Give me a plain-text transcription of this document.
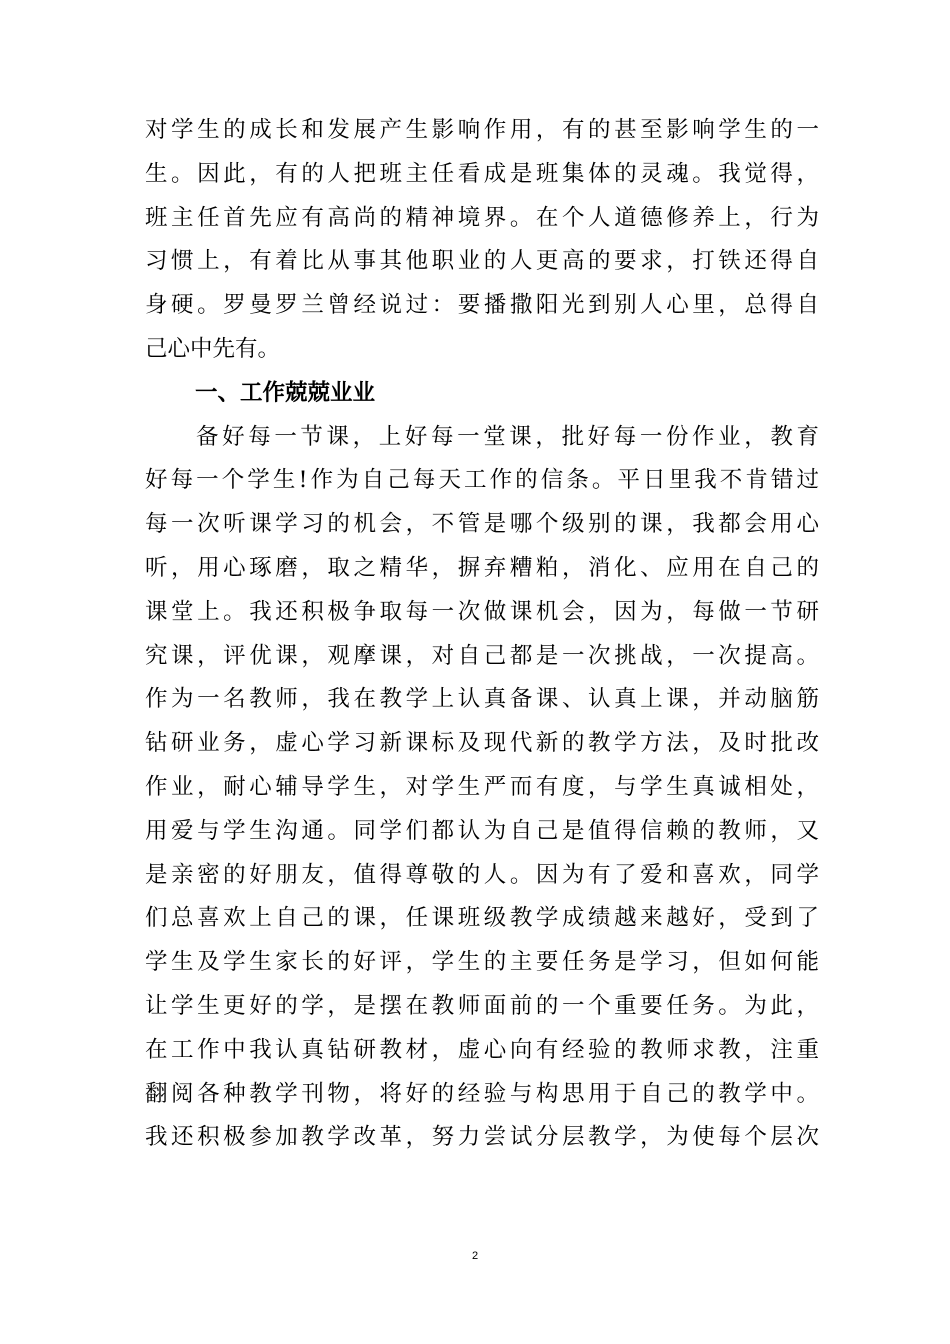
对学生的成长和发展产生影响作用，有的甚至影响学生的一
生。因此，有的人把班主任看成是班集体的灵魂。我觉得，
班主任首先应有高尚的精神境界。在个人道德修养上，行为
习惯上，有着比从事其他职业的人更高的要求，打铁还得自
身硬。罗曼罗兰曾经说过：要播撒阳光到别人心里，总得自
己心中先有。
一、工作兢兢业业
备好每一节课，上好每一堂课，批好每一份作业，教育
好每一个学生!作为自己每天工作的信条。平日里我不肯错过
每一次听课学习的机会，不管是哪个级别的课，我都会用心
听，用心琢磨，取之精华，摒弃糟粕，消化、应用在自己的
课堂上。我还积极争取每一次做课机会，因为，每做一节研
究课，评优课，观摩课，对自己都是一次挑战，一次提高。
作为一名教师，我在教学上认真备课、认真上课，并动脑筋
钻研业务，虚心学习新课标及现代新的教学方法，及时批改
作业，耐心辅导学生，对学生严而有度，与学生真诚相处，
用爱与学生沟通。同学们都认为自己是值得信赖的教师，又
是亲密的好朋友，值得尊敬的人。因为有了爱和喜欢，同学
们总喜欢上自己的课，任课班级教学成绩越来越好，受到了
学生及学生家长的好评，学生的主要任务是学习，但如何能
让学生更好的学，是摆在教师面前的一个重要任务。为此，
在工作中我认真钻研教材，虚心向有经验的教师求教，注重
翻阅各种教学刊物，将好的经验与构思用于自己的教学中。
我还积极参加教学改革，努力尝试分层教学，为使每个层次
2
